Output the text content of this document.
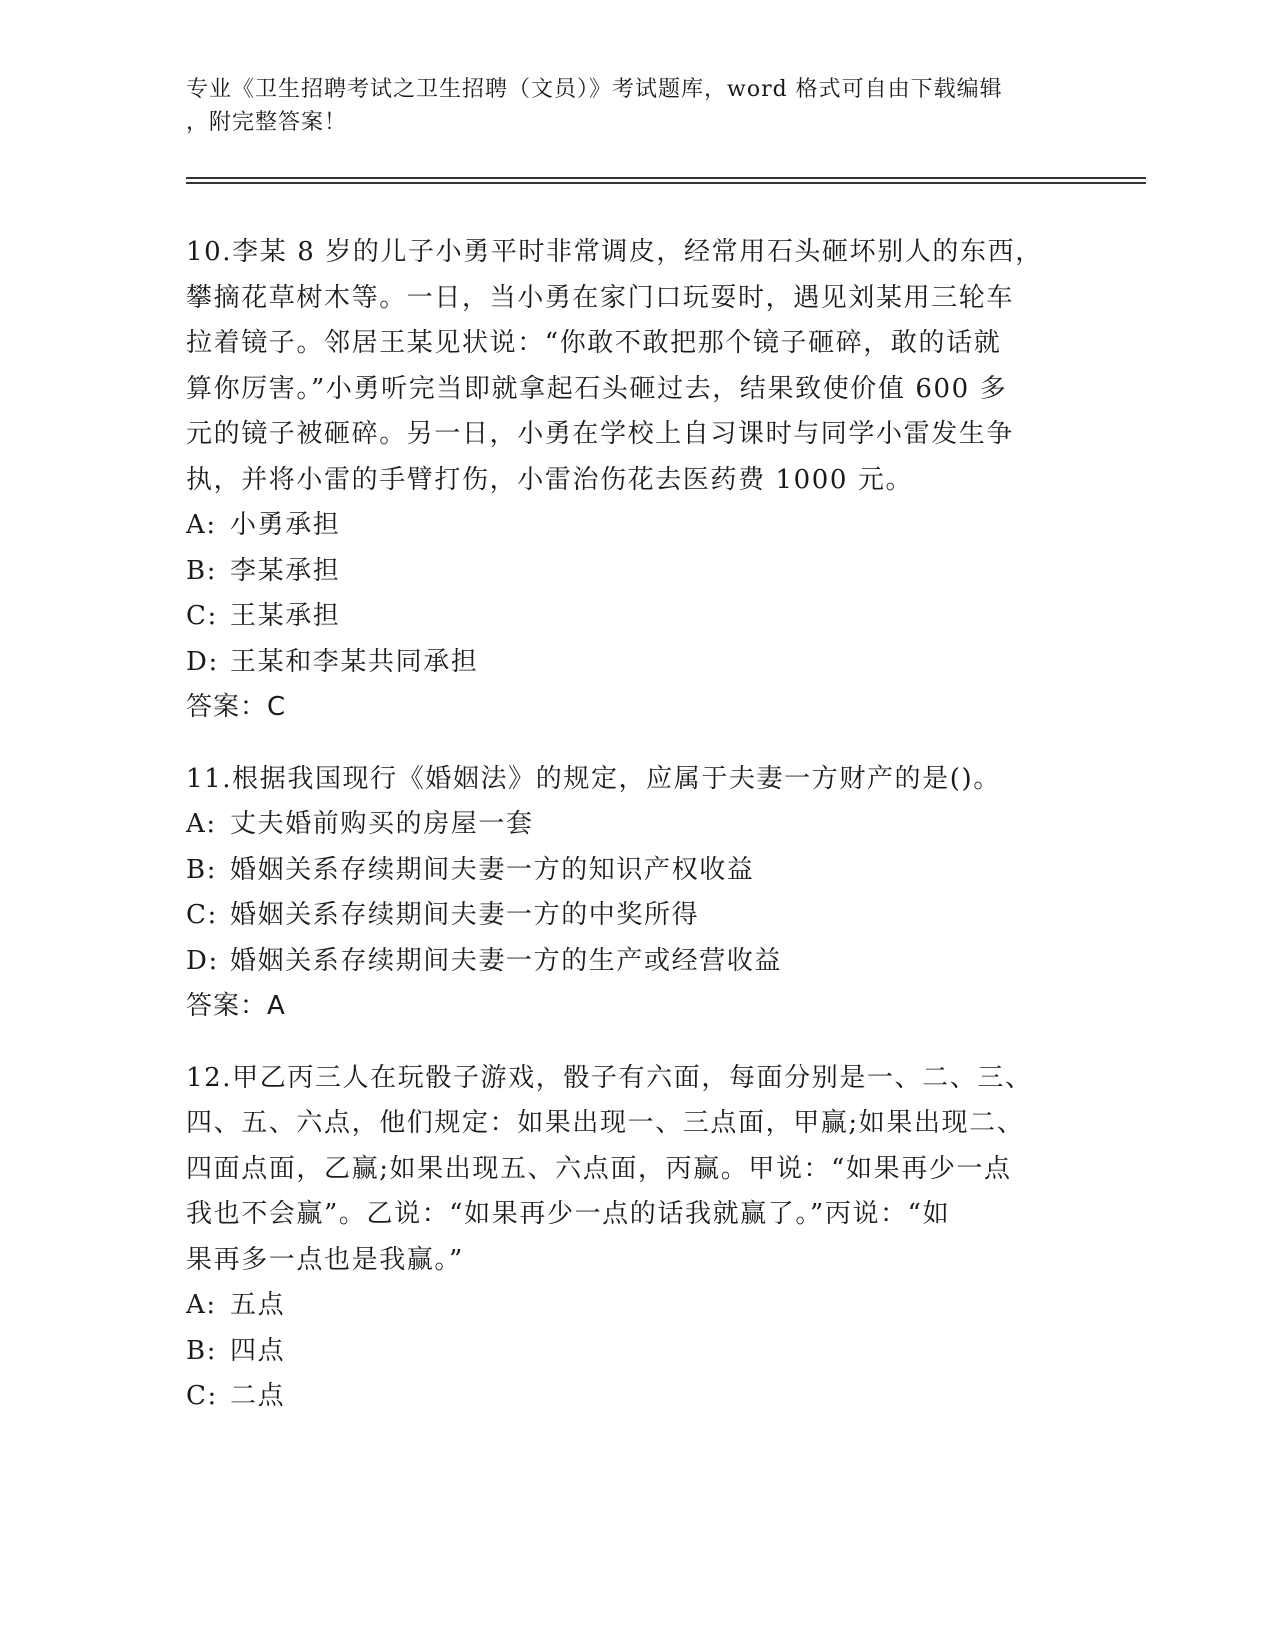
专业《卫生招聘考试之卫生招聘（文员）》考试题库，word 格式可自由下载编辑
，附完整答案！

10.李某 8 岁的儿子小勇平时非常调皮，经常用石头砸坏别人的东西，

攀摘花草树木等。一日，当小勇在家门口玩耍时，遇见刘某用三轮车

拉着镜子。邻居王某见状说：“你敢不敢把那个镜子砸碎，敢的话就

算你厉害。”小勇听完当即就拿起石头砸过去，结果致使价值 600 多

元的镜子被砸碎。另一日，小勇在学校上自习课时与同学小雷发生争

执，并将小雷的手臂打伤，小雷治伤花去医药费 1000 元。

A: 小勇承担

B: 李某承担

C: 王某承担

D: 王某和李某共同承担

答案：C

11.根据我国现行《婚姻法》的规定，应属于夫妻一方财产的是()。

A: 丈夫婚前购买的房屋一套

B: 婚姻关系存续期间夫妻一方的知识产权收益

C: 婚姻关系存续期间夫妻一方的中奖所得

D: 婚姻关系存续期间夫妻一方的生产或经营收益

答案：A

12.甲乙丙三人在玩骰子游戏，骰子有六面，每面分别是一、二、三、

四、五、六点，他们规定：如果出现一、三点面，甲赢;如果出现二、

四面点面，乙赢;如果出现五、六点面，丙赢。甲说：“如果再少一点

我也不会赢”。乙说：“如果再少一点的话我就赢了。”丙说：“如

果再多一点也是我赢。”

A: 五点

B: 四点

C: 二点
